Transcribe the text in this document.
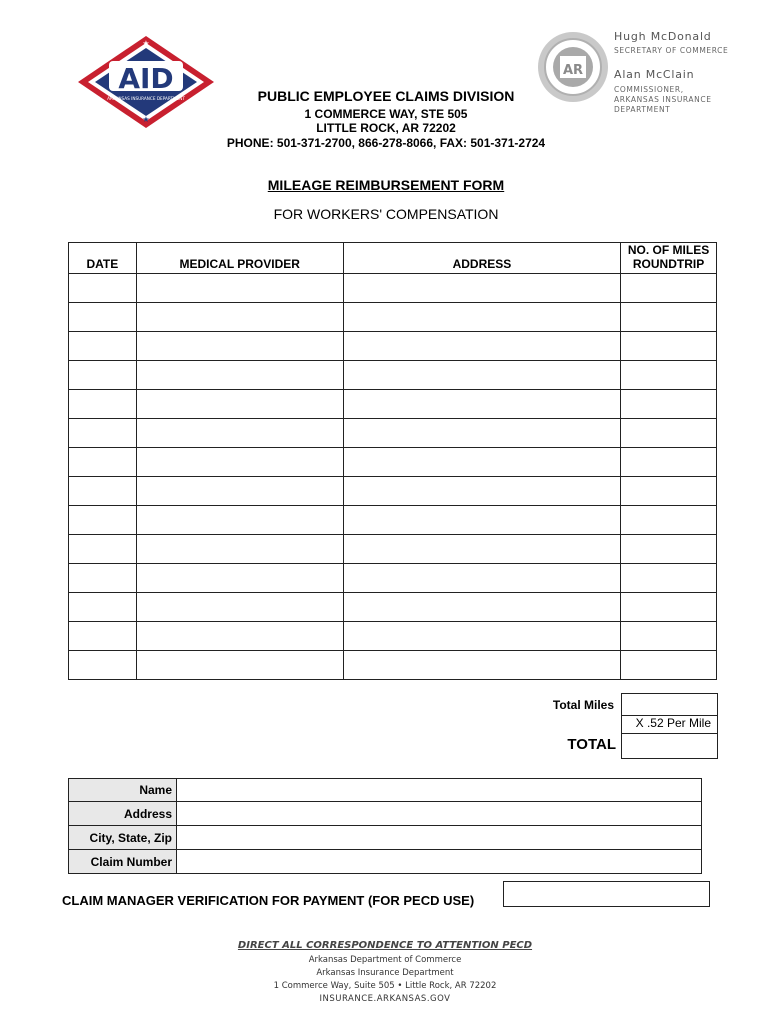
★
★
AID
ARKANSAS INSURANCE DEPARTMENT
AR
Hugh McDonald
SECRETARY OF COMMERCE
Alan McClain
COMMISSIONER,
ARKANSAS INSURANCE
DEPARTMENT
PUBLIC EMPLOYEE CLAIMS DIVISION
1 COMMERCE WAY, STE 505
LITTLE ROCK, AR 72202
PHONE: 501-371-2700, 866-278-8066, FAX: 501-371-2724
MILEAGE REIMBURSEMENT FORM
FOR WORKERS' COMPENSATION
DATE	MEDICAL PROVIDER	ADDRESS	NO. OF MILES
ROUNDTRIP

Total Miles
X .52 Per Mile
TOTAL
Name	
Address	
City, State, Zip	
Claim Number	
CLAIM MANAGER VERIFICATION FOR PAYMENT (FOR PECD USE)
DIRECT ALL CORRESPONDENCE TO ATTENTION PECD
Arkansas Department of Commerce
Arkansas Insurance Department
1 Commerce Way, Suite 505 • Little Rock, AR 72202
INSURANCE.ARKANSAS.GOV
